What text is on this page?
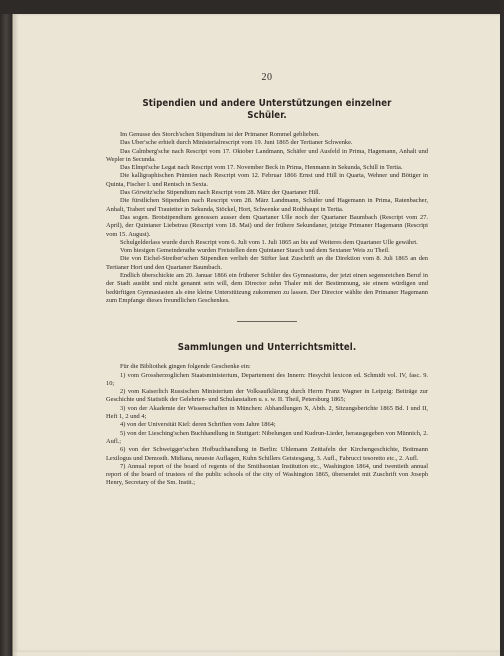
20
Stipendien und andere Unterstützungen einzelner Schüler.

Im Genusse des Storch'schen Stipendium ist der Primaner Rommel geblieben.

Das Uber'sche erhielt durch Ministerialrescript vom 19. Juni 1865 der Tertianer Schwenke.

Das Calmberg'sche nach Rescript vom 17. Oktober Landmann, Schäfer und Ausfeld in Prima, Hagemann, Anhalt und Wepler in Secunda.

Das Elmpt'sche Legat nach Rescript vom 17. November Beck in Prima, Henmann in Sekunda, Schill in Tertia.

Die kalligraphischen Prämien nach Rescript vom 12. Februar 1866 Ernst und Hill in Quarta, Wehner und Böttger in Quinta, Fischer I. und Rentsch in Sexta.

Das Görwitz'sche Stipendium nach Rescript vom 28. März der Quartaner Hill.

Die fürstlichen Stipendien nach Rescript vom 28. März Landmann, Schäfer und Hagemann in Prima, Ratenbacher, Anhalt, Trabert und Trautetter in Sekunda, Stöckel, Hort, Schwenke und Rothhaupt in Tertia.

Das sogen. Brotstipendium genossen ausser dem Quartaner Ulle noch der Quartaner Baumbach (Rescript vom 27. April), der Quintaner Liebetrau (Rescript vom 18. Mai) und der frühere Sekundaner, jetzige Primaner Hagemann (Rescript vom 15. August).

Schulgelderlass wurde durch Rescript vom 6. Juli vom 1. Juli 1865 an bis auf Weiteres dem Quartaner Ulle gewährt.

Vom hiesigen Gemeinderathe wurden Freistellen dem Quintaner Stauch und dem Sextaner Weis zu Theil.

Die von Eichel-Streiber'schen Stipendien verlieh der Stifter laut Zuschrift an die Direktion vom 8. Juli 1865 an den Tertianer Hort und den Quartaner Baumbach.

Endlich überschickte am 20. Januar 1866 ein früherer Schüler des Gymnasiums, der jetzt einen segensreichen Beruf in der Stadt ausübt und nicht genannt sein will, dem Director zehn Thaler mit der Bestimmung, sie einem würdigen und bedürftigen Gymnasiasten als eine kleine Unterstützung zukommen zu lassen. Der Director wählte den Primaner Hagemann zum Empfange dieses freundlichen Geschenkes.

Sammlungen und Unterrichtsmittel.

Für die Bibliothek gingen folgende Geschenke ein:

1) vom Grossherzoglichen Staatsministerium, Departement des Innern: Hesychii lexicon ed. Schmidt vol. IV, fasc. 9. 10;

2) vom Kaiserlich Russischen Ministerium der Volksaufklärung durch Herrn Franz Wagner in Leipzig: Beiträge zur Geschichte und Statistik der Gelehrten- und Schulanstalten u. s. w. II. Theil, Petersburg 1865;

3) von der Akademie der Wissenschaften in München: Abhandlungen X, Abth. 2, Sitzungsberichte 1865 Bd. I und II, Heft 1, 2 und 4;

4) von der Universität Kiel: deren Schriften vom Jahre 1864;

5) von der Liesching'schen Buchhandlung in Stuttgart: Nibelungen und Kudrun-Lieder, herausgegeben von Münnich, 2. Aufl.;

6) von der Schweigger'schen Hofbuchhandlung in Berlin: Uhlemann Zeittafeln der Kirchengeschichte, Bottmann Lexilogus und Demosth. Midiana, neueste Auflagen, Kuhn Schillers Geistesgang, 3. Aufl., Fabrucci tesoretto etc., 2. Aufl.

7) Annual report of the board of regents of the Smithsonian Institution etc., Washington 1864, und twentieth annual report of the board of trustees of the public schools of the city of Washington 1865, übersendet mit Zuschrift von Joseph Henry, Secretary of the Sm. Instit.;
